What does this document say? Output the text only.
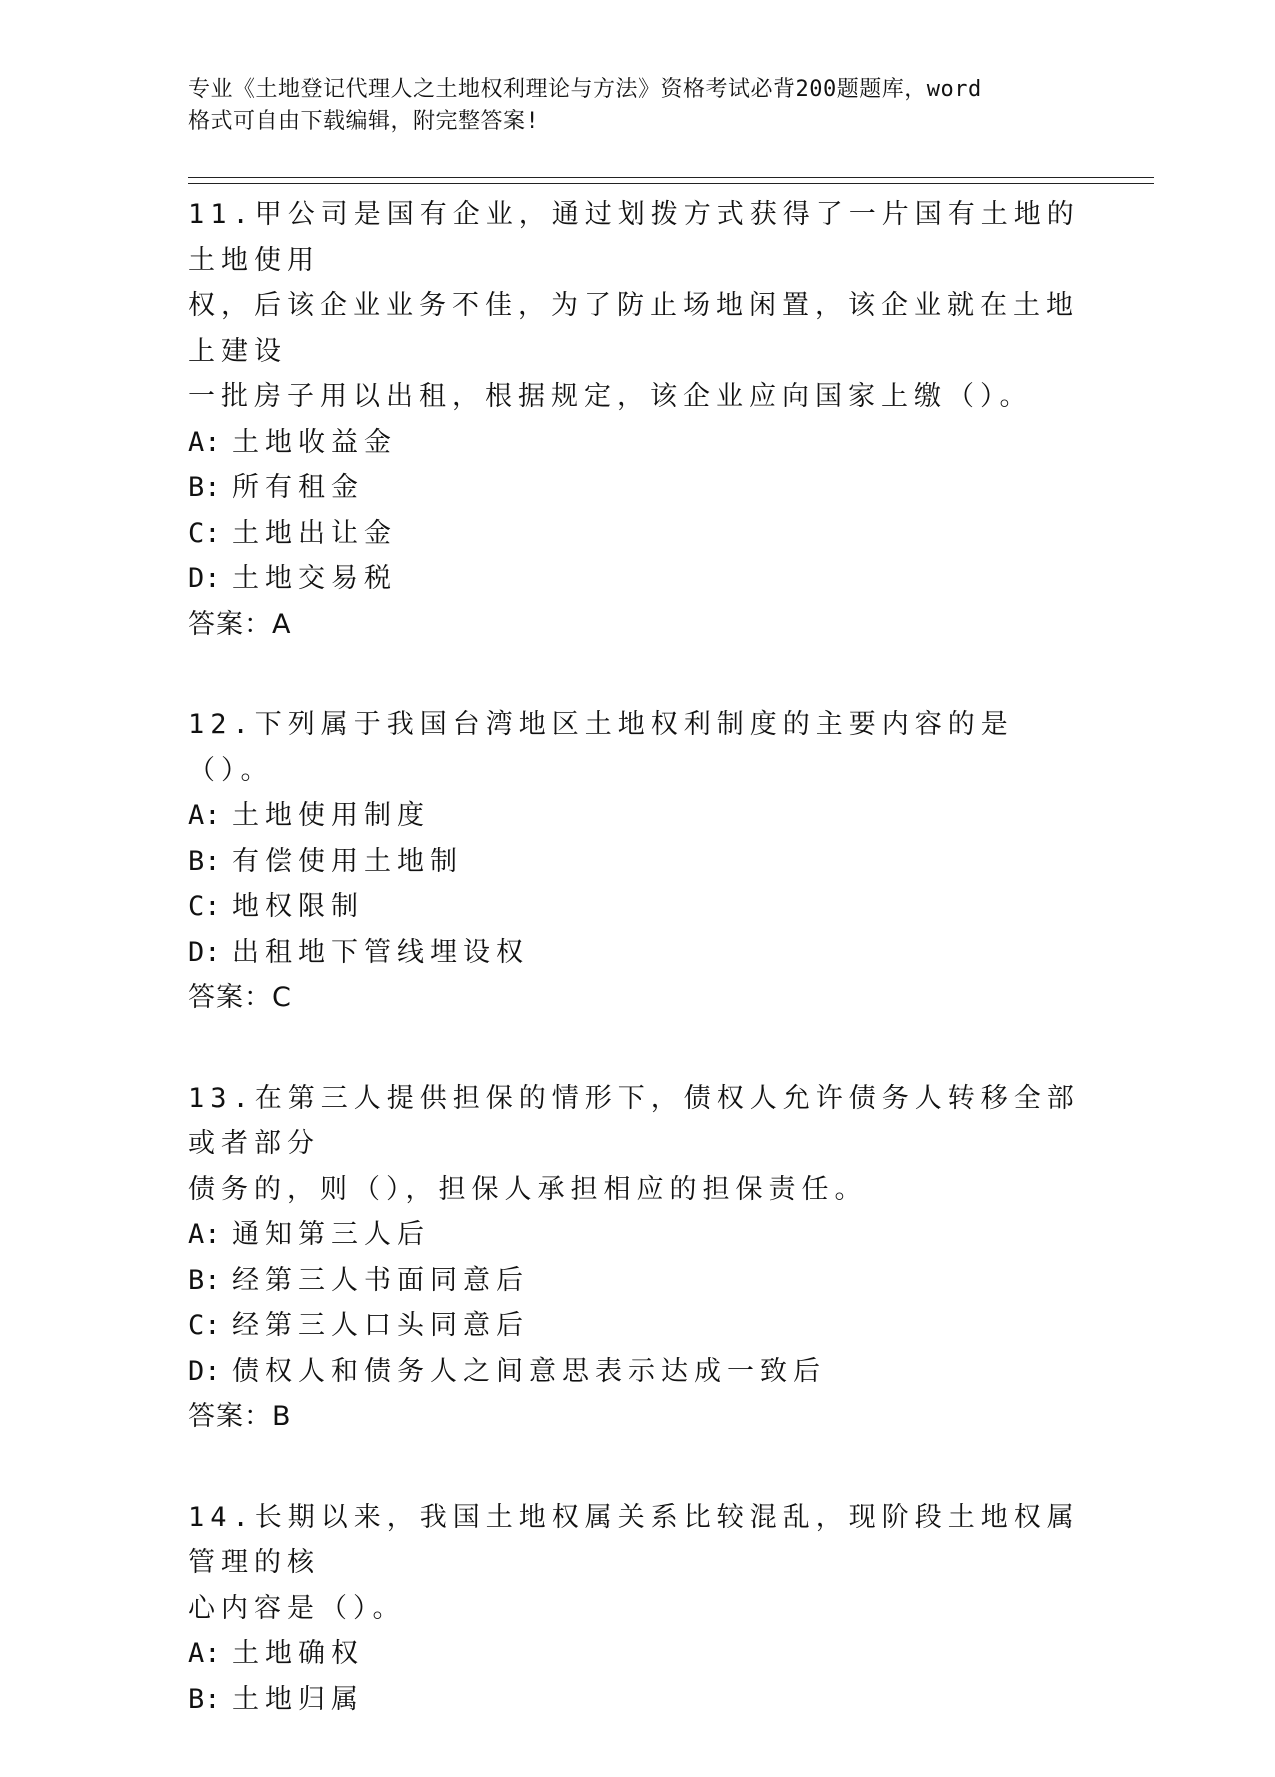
专业《土地登记代理人之土地权利理论与方法》资格考试必背200题题库，word
格式可自由下载编辑，附完整答案!
11.甲公司是国有企业，通过划拨方式获得了一片国有土地的土地使用
权，后该企业业务不佳，为了防止场地闲置，该企业就在土地上建设
一批房子用以出租，根据规定，该企业应向国家上缴（）。
A: 土地收益金
B: 所有租金
C: 土地出让金
D: 土地交易税
答案：A
12.下列属于我国台湾地区土地权利制度的主要内容的是（）。
A: 土地使用制度
B: 有偿使用土地制
C: 地权限制
D: 出租地下管线埋设权
答案：C
13.在第三人提供担保的情形下，债权人允许债务人转移全部或者部分
债务的，则（），担保人承担相应的担保责任。
A: 通知第三人后
B: 经第三人书面同意后
C: 经第三人口头同意后
D: 债权人和债务人之间意思表示达成一致后
答案：B
14.长期以来，我国土地权属关系比较混乱，现阶段土地权属管理的核
心内容是（）。
A: 土地确权
B: 土地归属
